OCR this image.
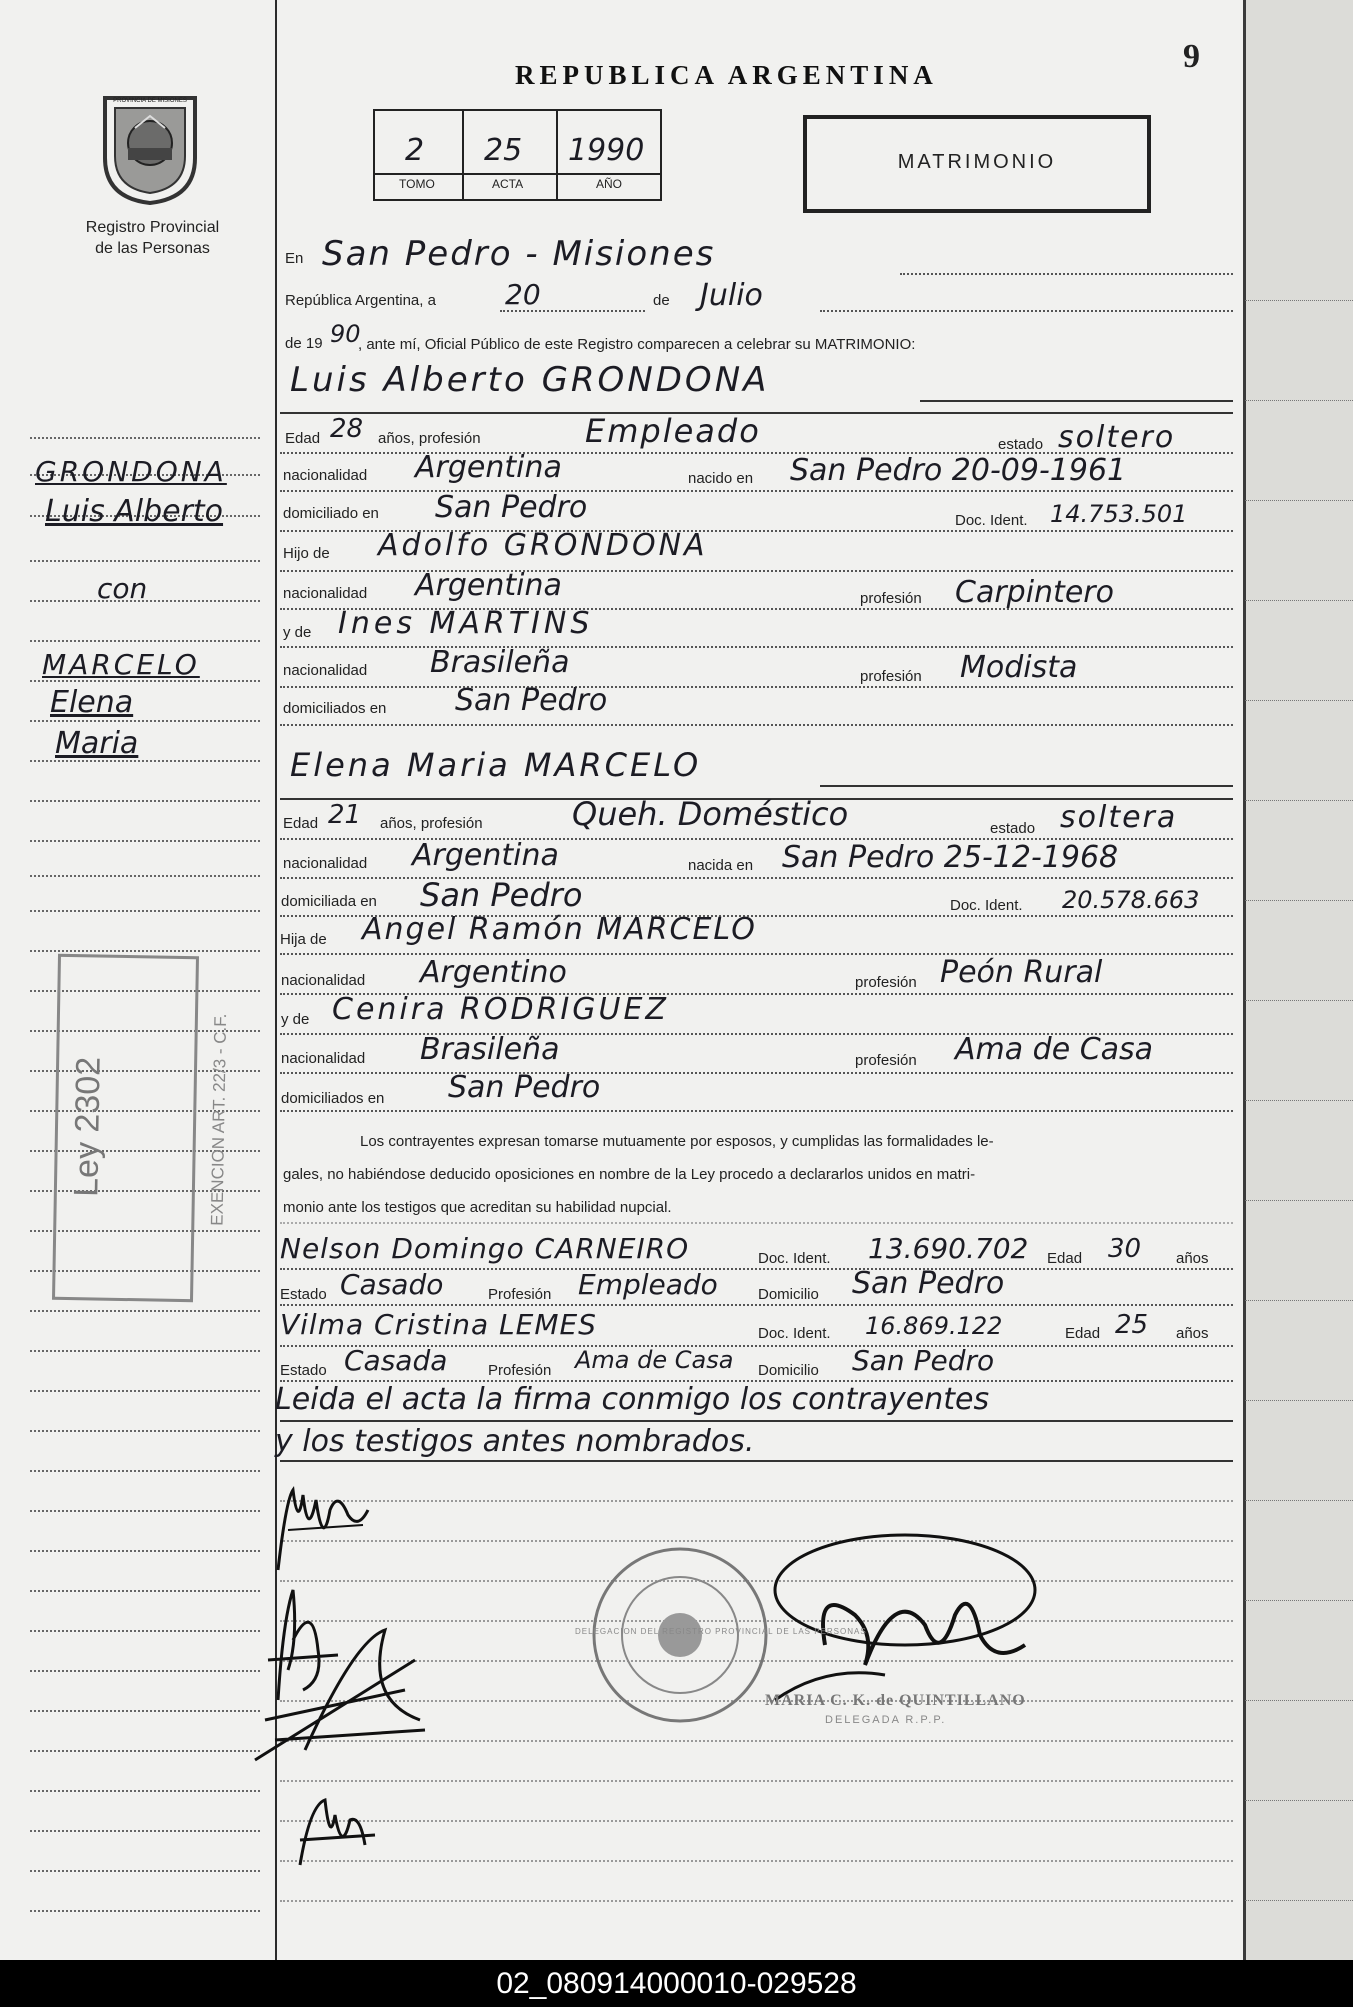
PROVINCIA DE MISIONES
Registro Provincial
de las Personas
REPUBLICA ARGENTINA	9
2
TOMO
25
ACTA
1990
AÑO
MATRIMONIO
GRONDONA
Luis Alberto
con
MARCELO
Elena
Maria
Ley 2302	EXENCION ART. 22/3 - C.F.
En San Pedro - Misiones
República Argentina, a 20	de Julio
de 19 90
, ante mí, Oficial Público de este Registro comparecen a celebrar su MATRIMONIO:
Luis Alberto GRONDONA
Edad 28 años, profesión	Empleado	estado soltero
nacionalidad Argentina	nacido en San Pedro 20-09-1961
domiciliado en San Pedro	Doc. Ident. 14.753.501
Hijo de Adolfo GRONDONA
nacionalidad Argentina	profesión Carpintero
y de Ines MARTINS
nacionalidad Brasileña	profesión Modista
domiciliados en San Pedro
Elena Maria MARCELO
Edad 21 años, profesión	Queh. Doméstico	estado soltera
nacionalidad Argentina	nacida en San Pedro 25-12-1968
domiciliada en San Pedro	Doc. Ident. 20.578.663
Hija de Angel Ramón MARCELO
nacionalidad Argentino	profesión Peón Rural
y de Cenira RODRIGUEZ
nacionalidad Brasileña	profesión Ama de Casa
domiciliados en San Pedro
Los contrayentes expresan tomarse mutuamente por esposos, y cumplidas las formalidades le-
gales, no habiéndose deducido oposiciones en nombre de la Ley procedo a declararlos unidos en matri-
monio ante los testigos que acreditan su habilidad nupcial.
Nelson Domingo CARNEIRO	Doc. Ident. 13.690.702 Edad 30 años
Estado Casado	Profesión Empleado	Domicilio San Pedro
Vilma Cristina LEMES	Doc. Ident. 16.869.122	Edad 25 años
Estado Casada	Profesión Ama de Casa Domicilio San Pedro
Leida el acta la firma conmigo los contrayentes
y los testigos antes nombrados.
DELEGACION DEL REGISTRO PROVINCIAL DE LAS PERSONAS
MARIA C. K. de QUINTILLANO
DELEGADA R.P.P.
02_080914000010-029528
